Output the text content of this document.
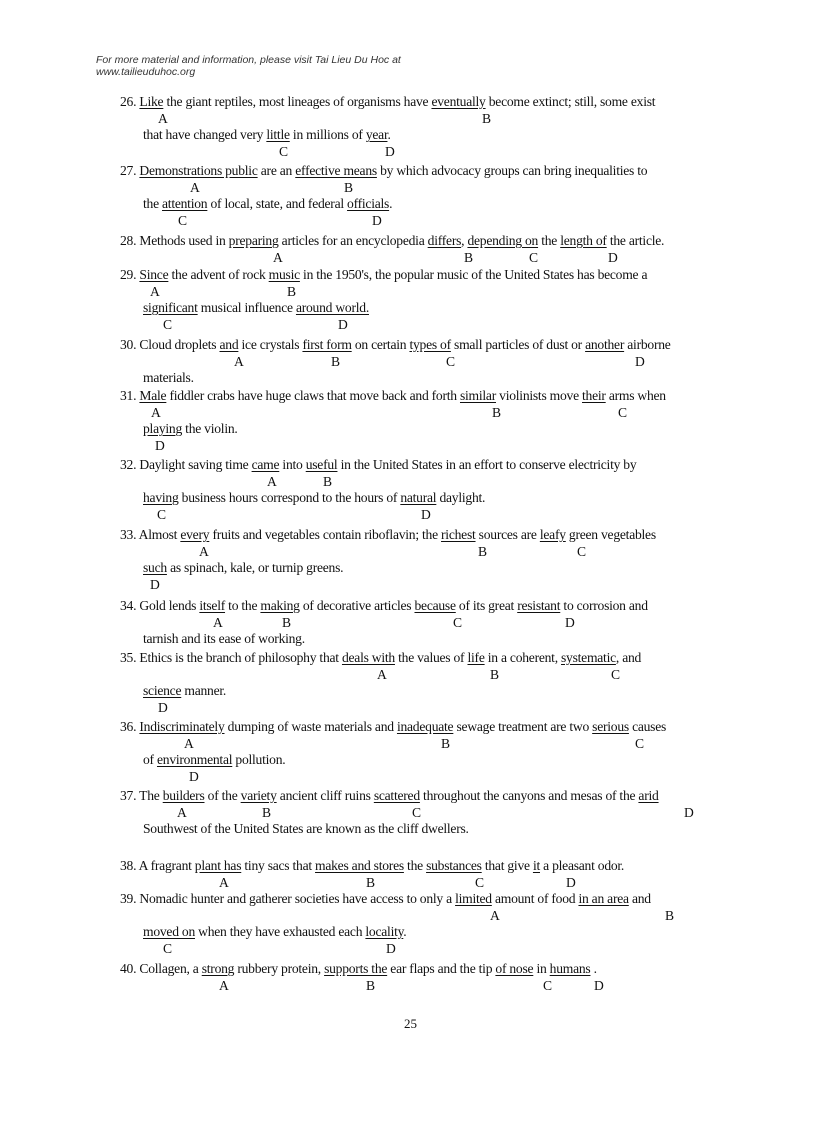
For more material and information, please visit Tai Lieu Du Hoc at
www.tailieuduhoc.org
26. Like the giant reptiles, most lineages of organisms have eventually become extinct; still, some exist
A	B
that have changed very little in millions of year.
C	D
27. Demonstrations public are an effective means by which advocacy groups can bring inequalities to
A	B
the attention of local, state, and federal officials.
C	D
28. Methods used in preparing articles for an encyclopedia differs, depending on the length of the article.
A	B	C	D
29. Since the advent of rock music in the 1950's, the popular music of the United States has become a
A	B
significant musical influence around world.
C	D
30. Cloud droplets and ice crystals first form on certain types of small particles of dust or another airborne
A	B	C	D
materials.
31. Male fiddler crabs have huge claws that move back and forth similar violinists move their arms when
A	B	C
playing the violin.
D
32. Daylight saving time came into useful in the United States in an effort to conserve electricity by
A	B
having business hours correspond to the hours of natural daylight.
C	D
33. Almost every fruits and vegetables contain riboflavin; the richest sources are leafy green vegetables
A	B	C
such as spinach, kale, or turnip greens.
D
34. Gold lends itself to the making of decorative articles because of its great resistant to corrosion and
A	B	C	D
tarnish and its ease of working.
35. Ethics is the branch of philosophy that deals with the values of life in a coherent, systematic, and
A	B	C
science manner.
D
36. Indiscriminately dumping of waste materials and inadequate sewage treatment are two serious causes
A	B	C
of environmental pollution.
D
37. The builders of the variety ancient cliff ruins scattered throughout the canyons and mesas of the arid
A	B	C	D
Southwest of the United States are known as the cliff dwellers.
38. A fragrant plant has tiny sacs that makes and stores the substances that give it a pleasant odor.
A	B	C	D
39. Nomadic hunter and gatherer societies have access to only a limited amount of food in an area and
A	B
moved on when they have exhausted each locality.
C	D
40. Collagen, a strong rubbery protein, supports the ear flaps and the tip of nose in humans .
A	B	C	D
25
